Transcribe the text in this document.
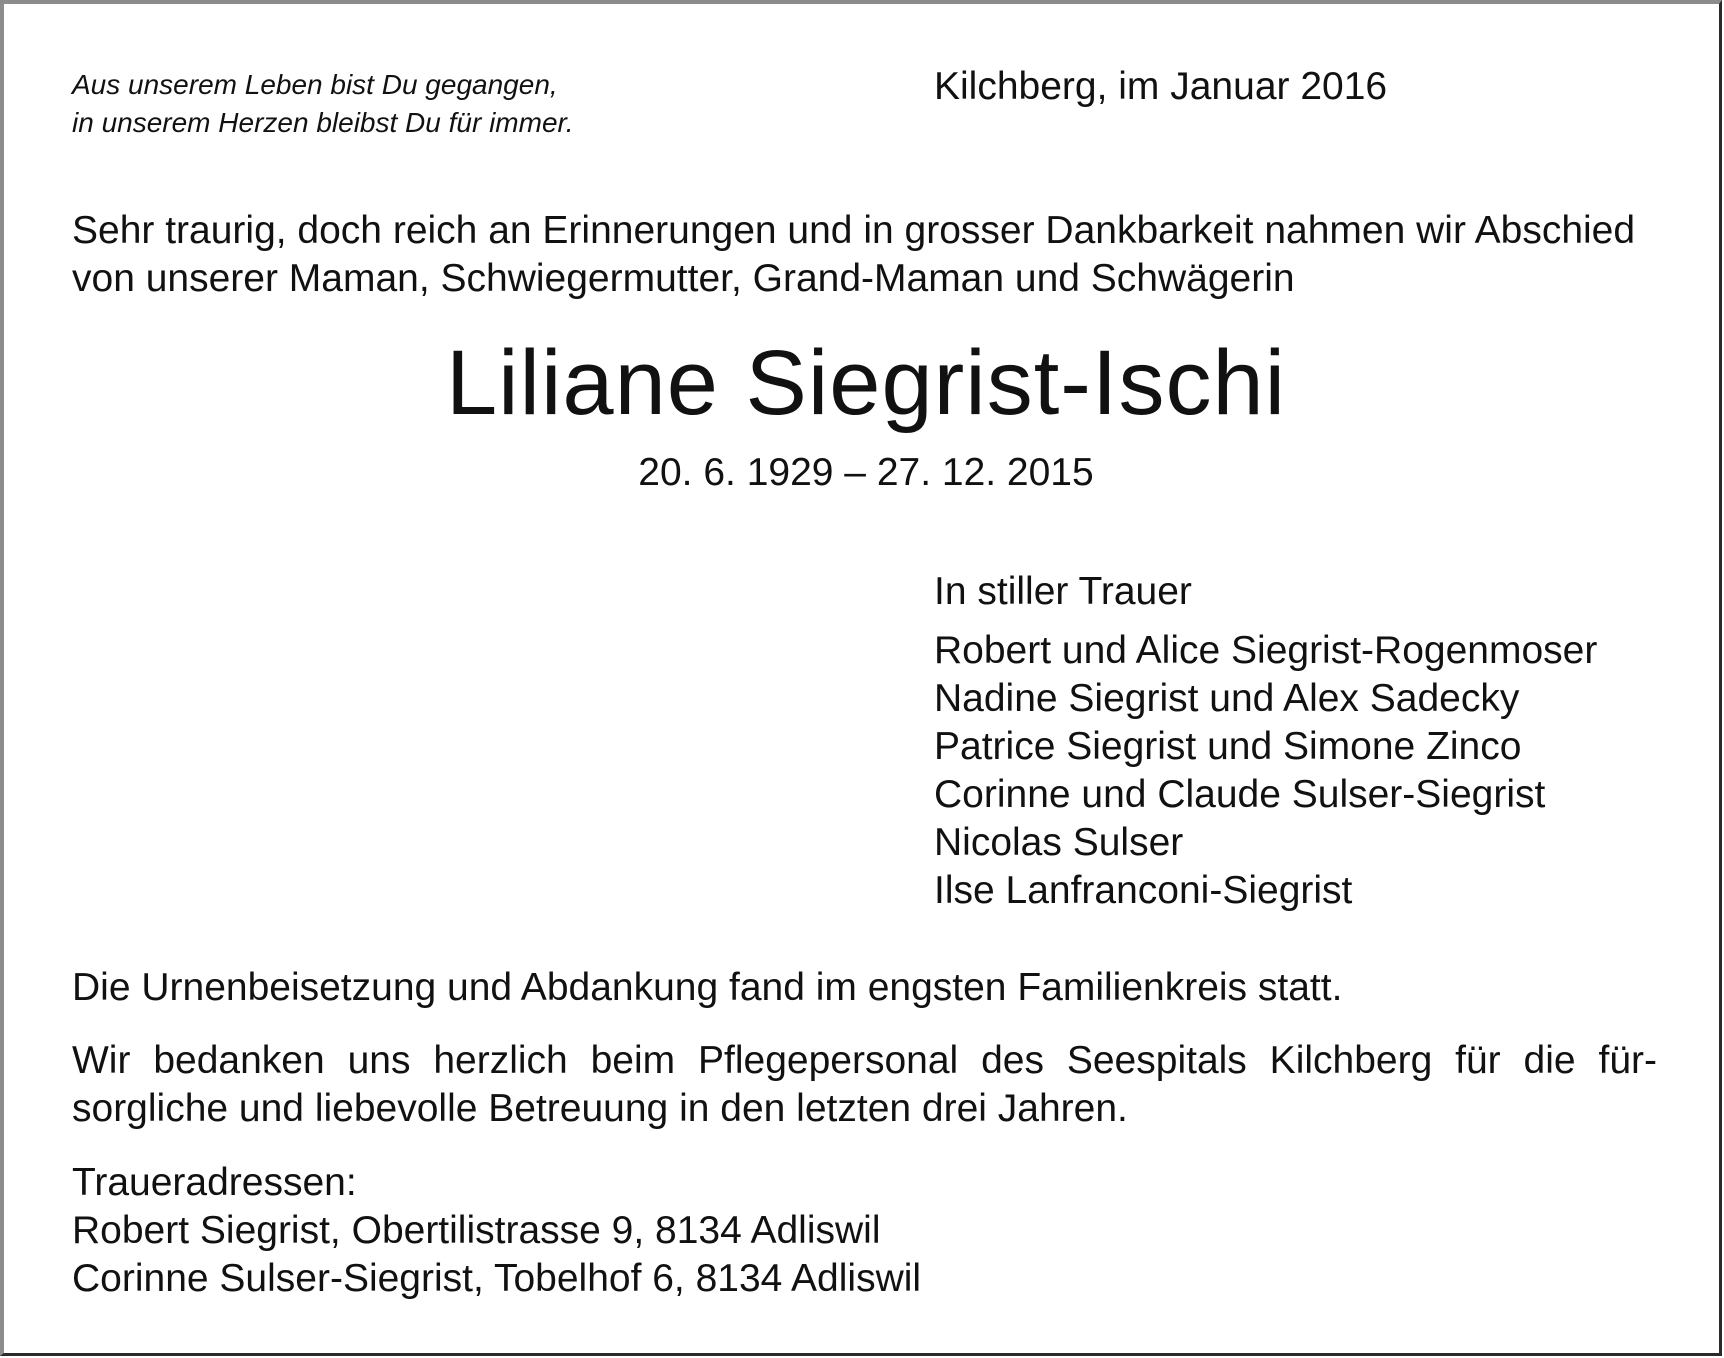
Aus unserem Leben bist Du gegangen,
in unserem Herzen bleibst Du für immer.
Kilchberg, im Januar 2016
Sehr traurig, doch reich an Erinnerungen und in grosser Dankbarkeit nahmen wir Abschied
von unserer Maman, Schwiegermutter, Grand-Maman und Schwägerin
Liliane Siegrist-Ischi
20. 6. 1929 – 27. 12. 2015
In stiller Trauer
Robert und Alice Siegrist-Rogenmoser
Nadine Siegrist und Alex Sadecky
Patrice Siegrist und Simone Zinco
Corinne und Claude Sulser-Siegrist
Nicolas Sulser
Ilse Lanfranconi-Siegrist
Die Urnenbeisetzung und Abdankung fand im engsten Familienkreis statt.
Wir bedanken uns herzlich beim Pflegepersonal des Seespitals Kilchberg für die für-
sorgliche und liebevolle Betreuung in den letzten drei Jahren.
Traueradressen:
Robert Siegrist, Obertilistrasse 9, 8134 Adliswil
Corinne Sulser-Siegrist, Tobelhof 6, 8134 Adliswil
